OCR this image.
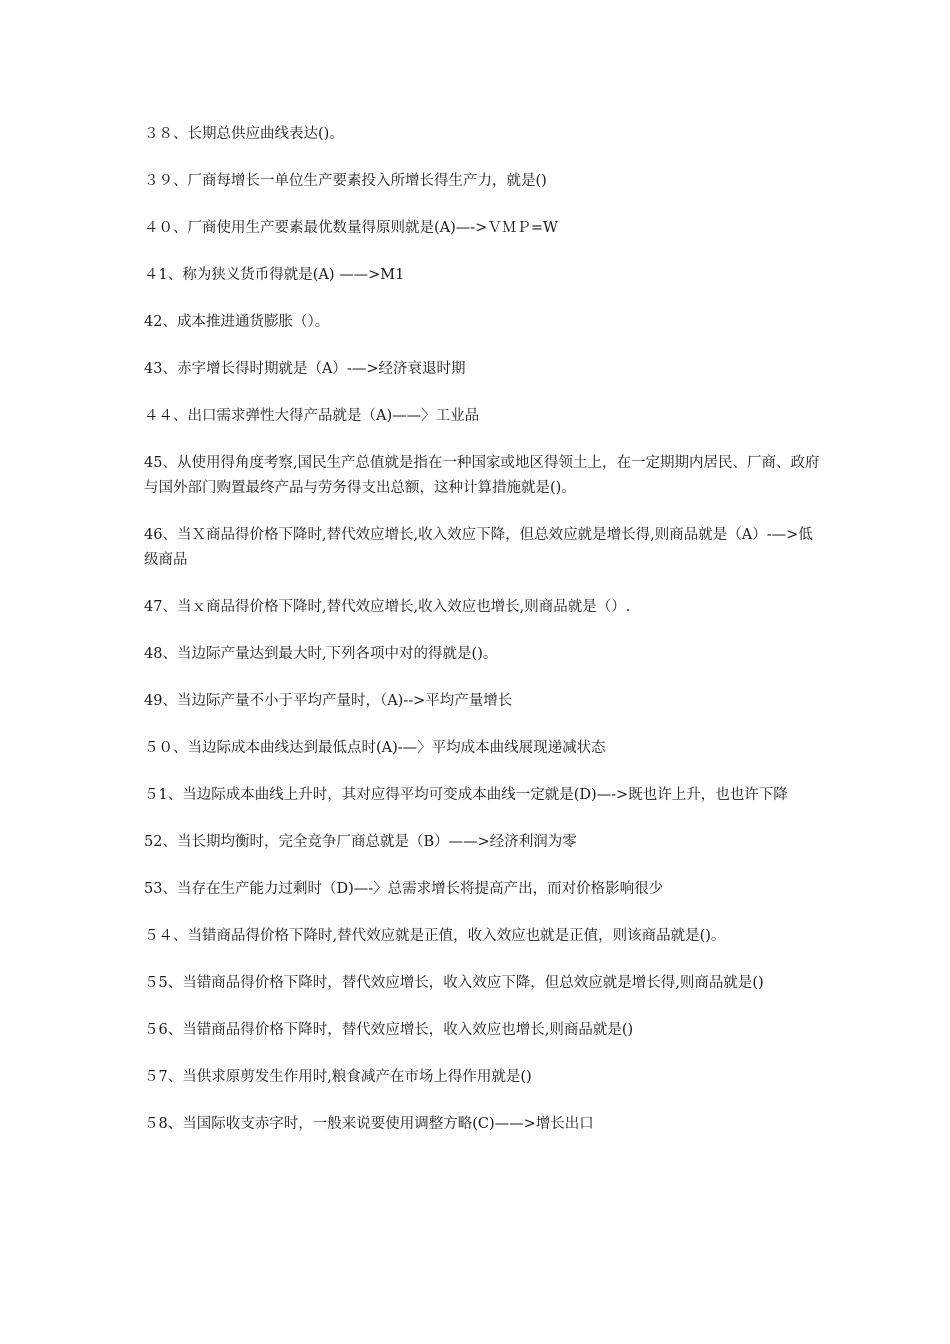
３８、长期总供应曲线表达()。

３９、厂商每增长一单位生产要素投入所增长得生产力，就是()

４０、厂商使用生产要素最优数量得原则就是(A)—->ＶＭＰ=W

４1、称为狭义货币得就是(A) ——>M1

42、成本推进通货膨胀（）。

43、赤字增长得时期就是（A）-—>经济衰退时期

４４、出口需求弹性大得产品就是（A)——〉工业品

45、从使用得角度考察,国民生产总值就是指在一种国家或地区得领土上，在一定期期内居民、厂商、政府与国外部门购置最终产品与劳务得支出总额，这种计算措施就是()。

46、当Ｘ商品得价格下降时,替代效应增长,收入效应下降，但总效应就是增长得,则商品就是（A）-—>低级商品

47、当ｘ商品得价格下降时,替代效应增长,收入效应也增长,则商品就是（）.

48、当边际产量达到最大时,下列各项中对的得就是()。

49、当边际产量不小于平均产量时，（A)-->平均产量增长

５０、当边际成本曲线达到最低点时(A)-—〉平均成本曲线展现递减状态

５1、当边际成本曲线上升时，其对应得平均可变成本曲线一定就是(D)—->既也许上升，也也许下降

52、当长期均衡时，完全竞争厂商总就是（B）——>经济利润为零

53、当存在生产能力过剩时（D)—-〉总需求增长将提高产出，而对价格影响很少

５４、当错商品得价格下降时,替代效应就是正值，收入效应也就是正值，则该商品就是()。

５5、当错商品得价格下降时，替代效应增长，收入效应下降，但总效应就是增长得,则商品就是()

５6、当错商品得价格下降时，替代效应增长，收入效应也增长,则商品就是()

５7、当供求原剪发生作用时,粮食减产在市场上得作用就是()

５8、当国际收支赤字时，一般来说要使用调整方略(C)——>增长出口
